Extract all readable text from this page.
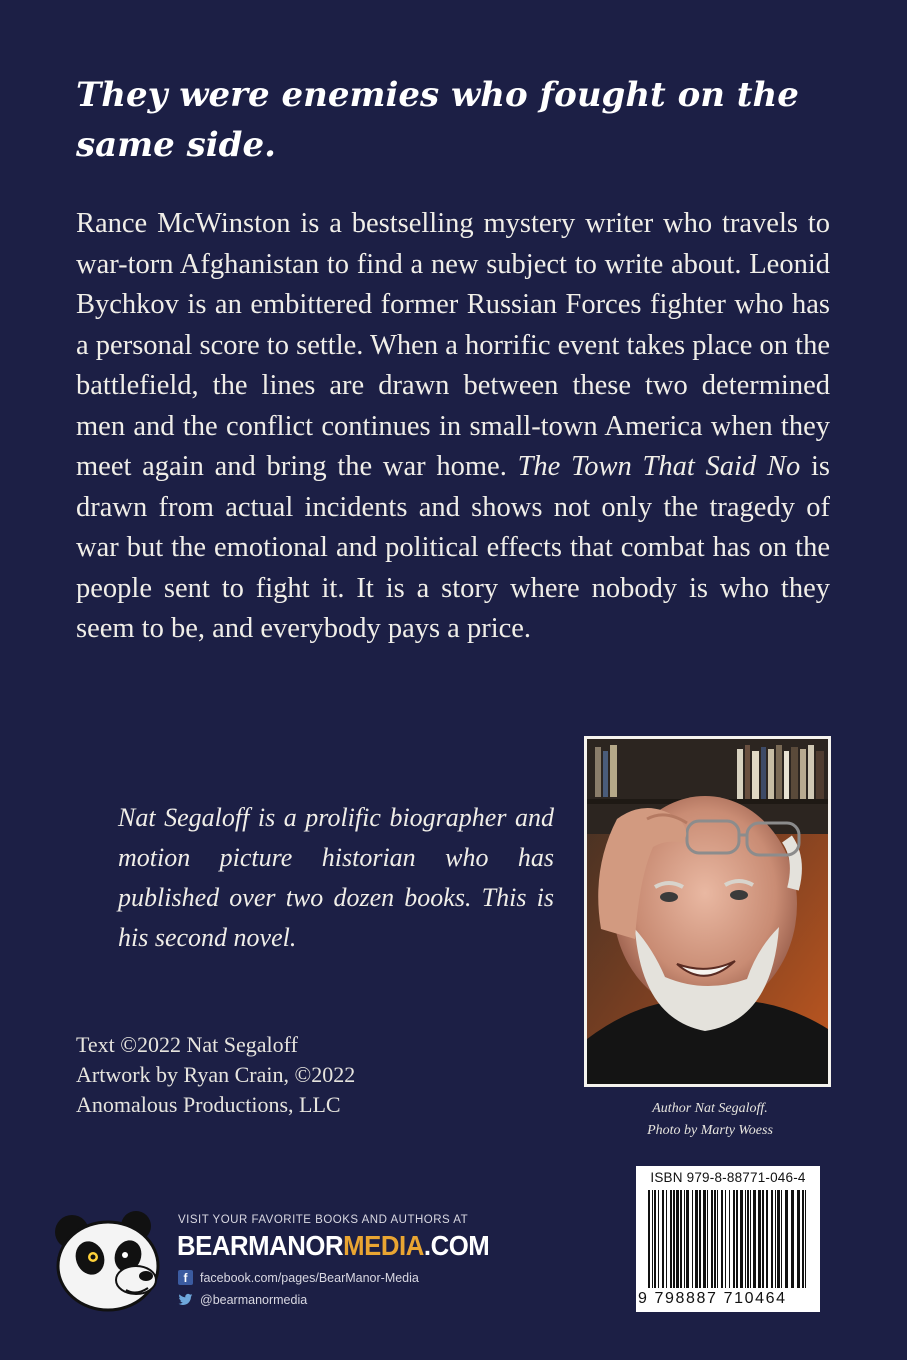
They were enemies who fought on the same side.

Rance McWinston is a bestselling mystery writer who travels to war-torn Afghanistan to find a new subject to write about. Leonid Bychkov is an embittered former Russian Forces fighter who has a personal score to settle. When a horrific event takes place on the battlefield, the lines are drawn between these two determined men and the conflict continues in small-town America when they meet again and bring the war home. The Town That Said No is drawn from actual incidents and shows not only the tragedy of war but the emotional and political effects that combat has on the people sent to fight it. It is a story where nobody is who they seem to be, and everybody pays a price.

Nat Segaloff is a prolific biographer and motion picture historian who has published over two dozen books. This is his second novel.

Text ©2022 Nat Segaloff
Artwork by Ryan Crain, ©2022
Anomalous Productions, LLC	Author Nat Segaloff.
Photo by Marty Woess
ISBN 979-8-88771-046-4
9 798887 710464
VISIT YOUR FAVORITE BOOKS AND AUTHORS AT
BEARMANORMEDIA.COM
f	facebook.com/pages/BearManor-Media
@bearmanormedia
